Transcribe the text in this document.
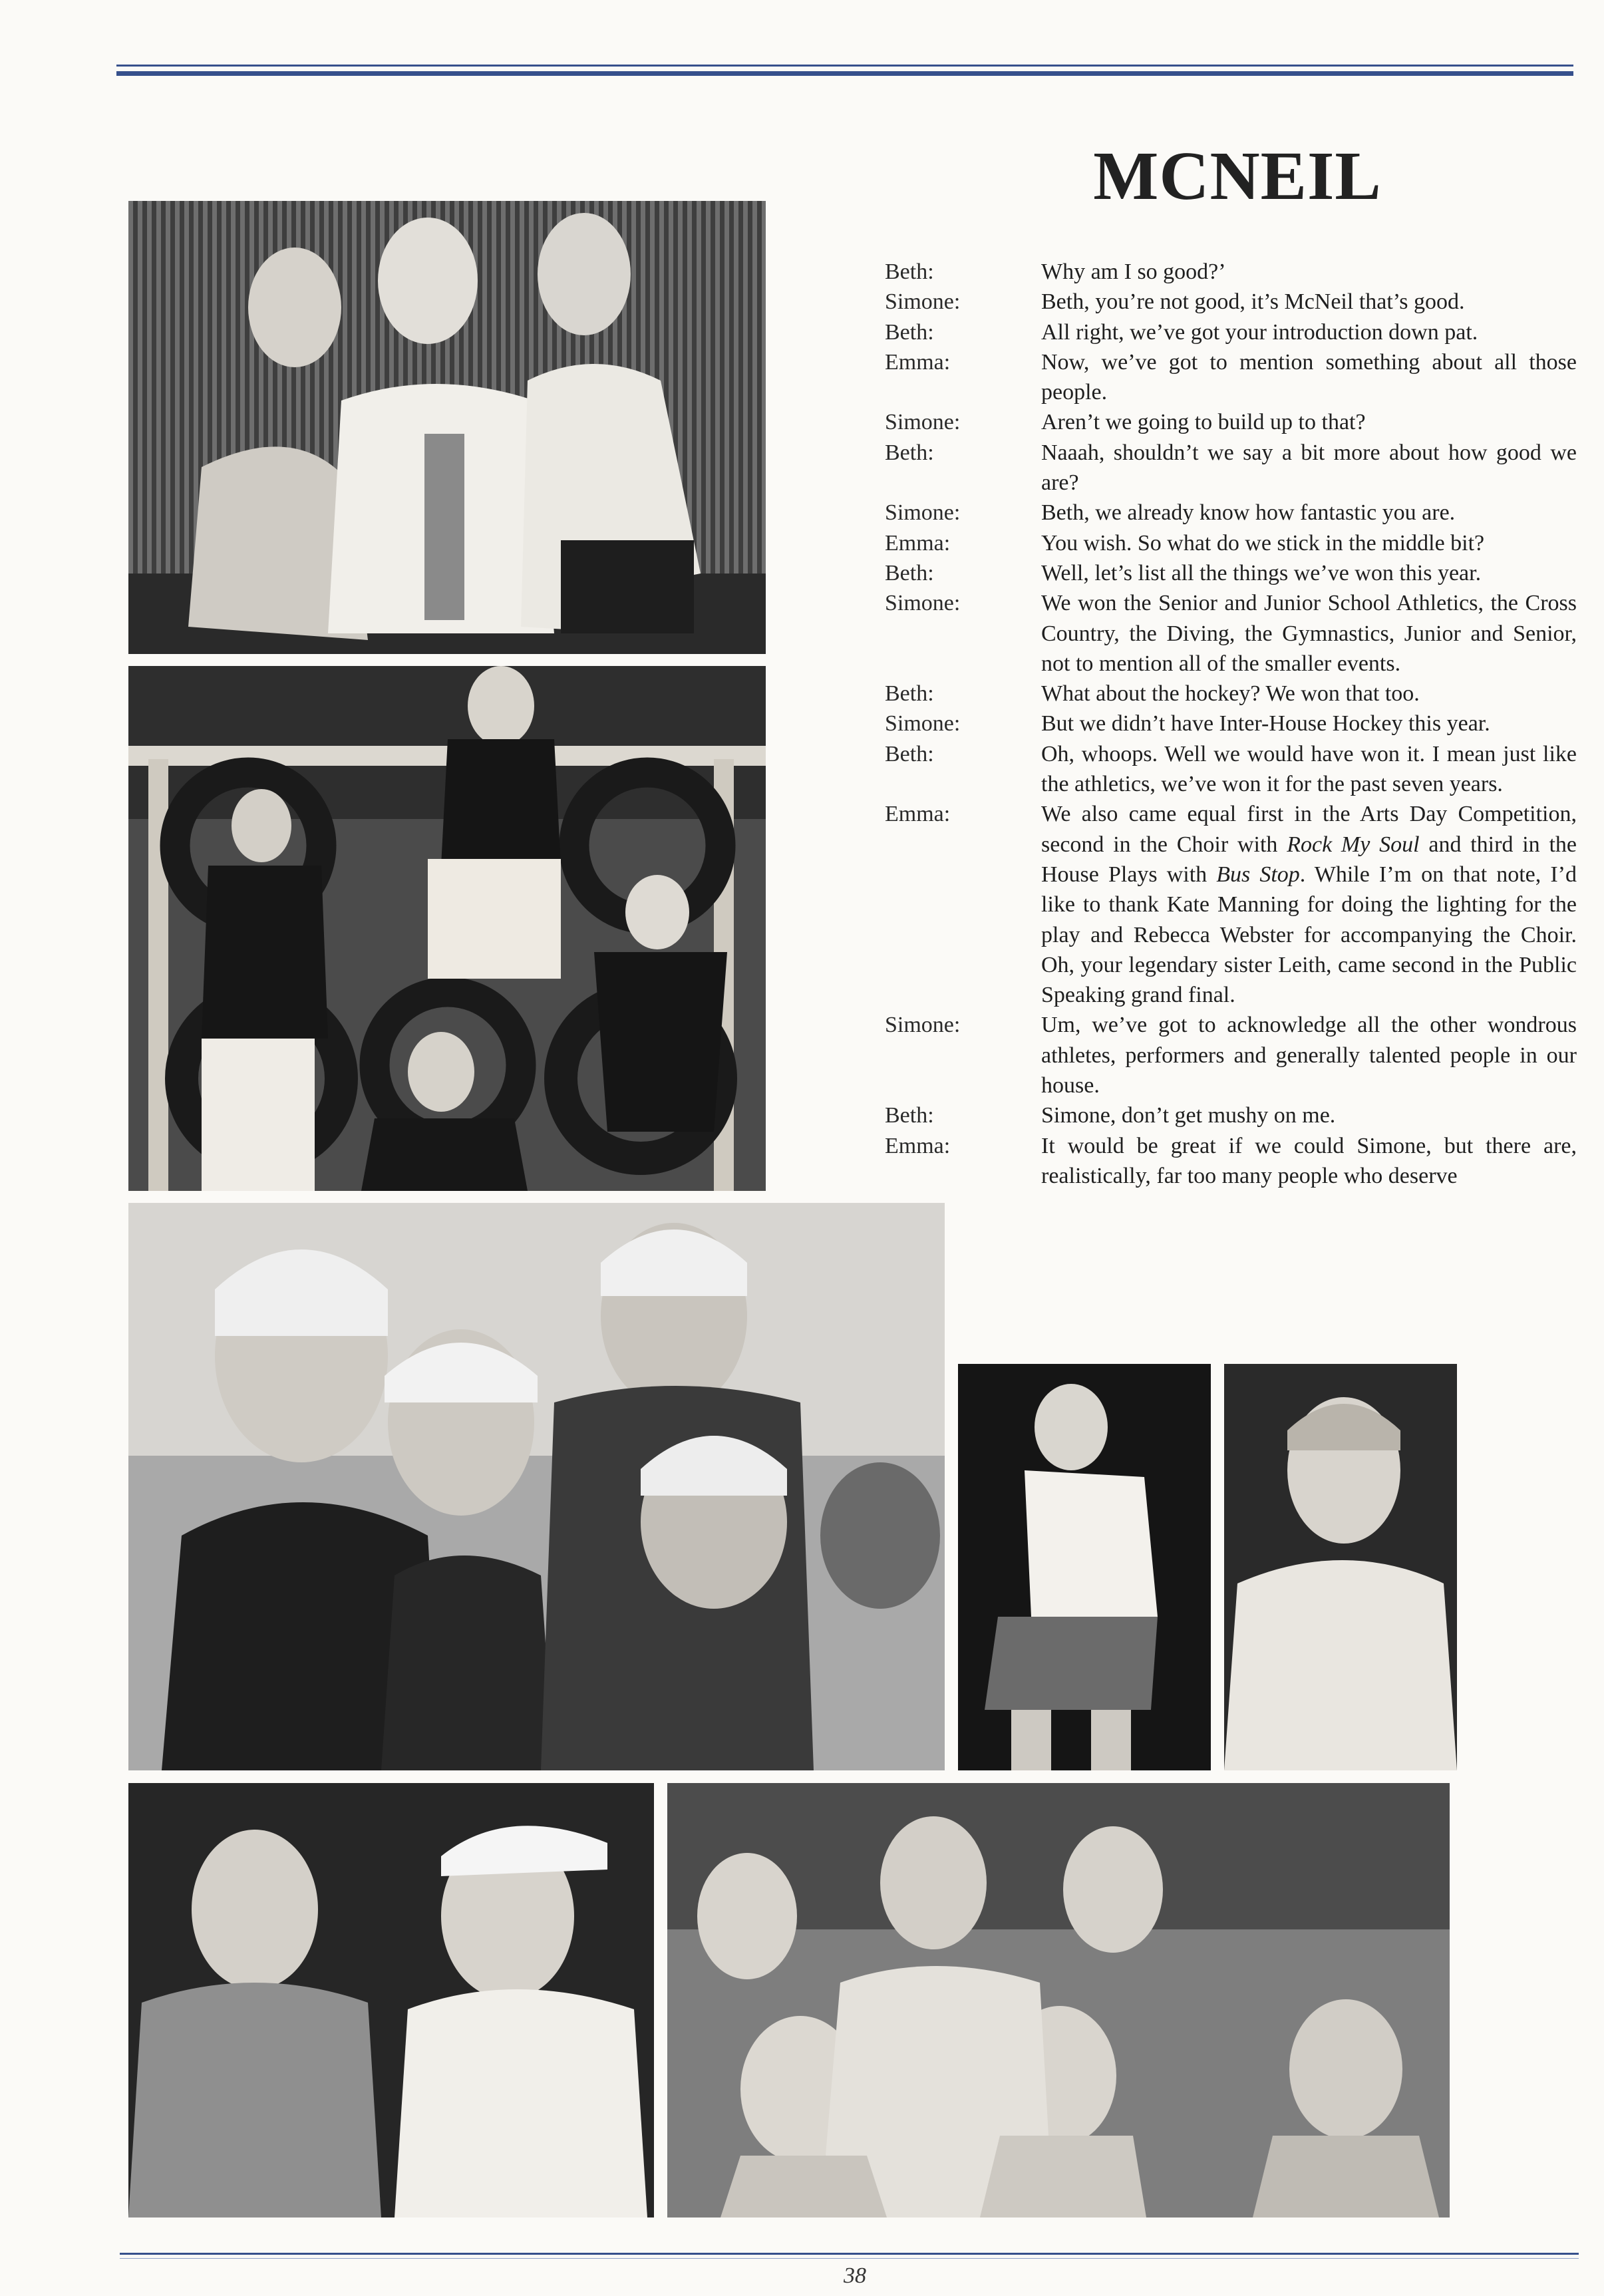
MCNEIL
Beth:	Why am I so good?’
Simone:	Beth, you’re not good, it’s McNeil that’s good.
Beth:	All right, we’ve got your introduction down pat.
Emma:	Now, we’ve got to mention something about all those people.
Simone:	Aren’t we going to build up to that?
Beth:	Naaah, shouldn’t we say a bit more about how good we are?
Simone:	Beth, we already know how fantastic you are.
Emma:	You wish. So what do we stick in the middle bit?
Beth:	Well, let’s list all the things we’ve won this year.
Simone:	We won the Senior and Junior School Athletics, the Cross Country, the Diving, the Gymnastics, Junior and Senior, not to mention all of the smaller events.
Beth:	What about the hockey? We won that too.
Simone:	But we didn’t have Inter-House Hockey this year.
Beth:	Oh, whoops. Well we would have won it. I mean just like the athletics, we’ve won it for the past seven years.
Emma:	We also came equal first in the Arts Day Competition, second in the Choir with Rock My Soul and third in the House Plays with Bus Stop. While I’m on that note, I’d like to thank Kate Manning for doing the lighting for the play and Rebecca Webster for accompanying the Choir. Oh, your legendary sister Leith, came second in the Public Speaking grand final.
Simone:	Um, we’ve got to acknowledge all the other wondrous athletes, performers and generally talented people in our house.
Beth:	Simone, don’t get mushy on me.
Emma:	It would be great if we could Simone, but there are, realistically, far too many people who deserve
38
